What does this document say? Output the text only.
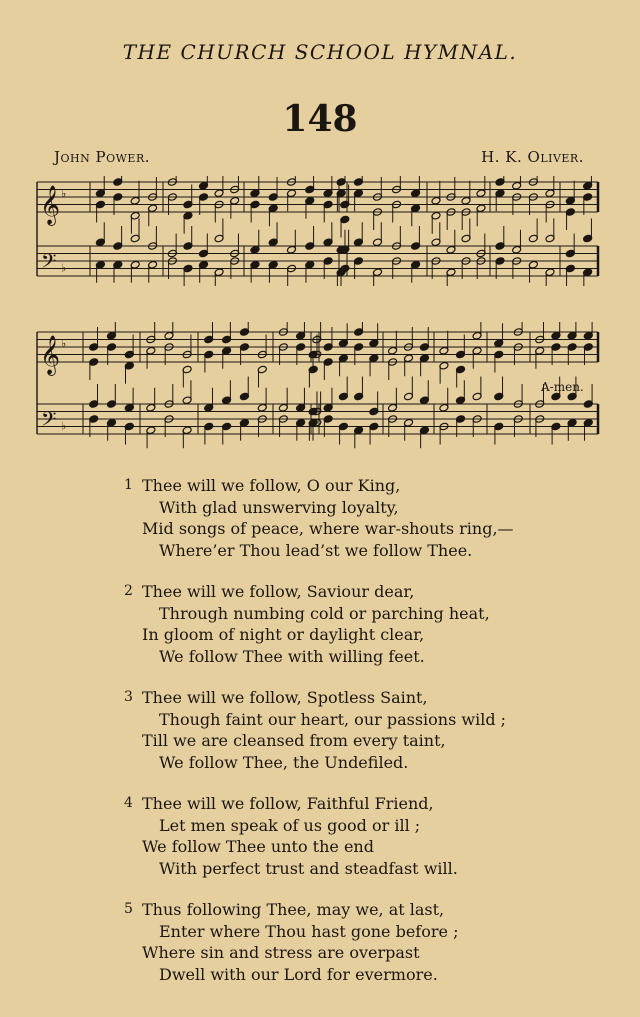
THE CHURCH SCHOOL HYMNAL.
148
John Power.	H. K. Oliver.
𝄞
𝄢
♭
♭
𝄞
𝄢
♭
♭
A-men.
1 Thee will we follow, O our King,
With glad unswerving loyalty,
Mid songs of peace, where war-shouts ring,—
Where’er Thou lead’st we follow Thee.
2 Thee will we follow, Saviour dear,
Through numbing cold or parching heat,
In gloom of night or daylight clear,
We follow Thee with willing feet.
3 Thee will we follow, Spotless Saint,
Though faint our heart, our passions wild ;
Till we are cleansed from every taint,
We follow Thee, the Undefiled.
4 Thee will we follow, Faithful Friend,
Let men speak of us good or ill ;
We follow Thee unto the end
With perfect trust and steadfast will.
5 Thus following Thee, may we, at last,
Enter where Thou hast gone before ;
Where sin and stress are overpast
Dwell with our Lord for evermore.
